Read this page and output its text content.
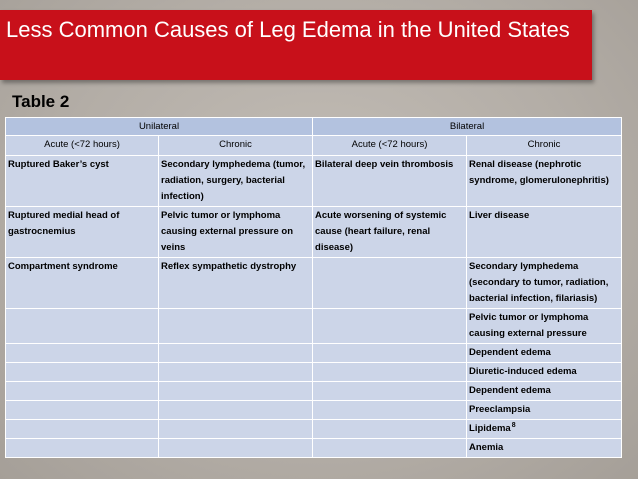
Less Common Causes of Leg Edema in the United States
Table 2
Unilateral		Bilateral	
Acute (<72 hours)	Chronic	Acute (<72 hours)	Chronic
Ruptured Baker’s cyst	Secondary lymphedema (tumor, radiation, surgery, bacterial infection)	Bilateral deep vein thrombosis	Renal disease (nephrotic syndrome, glomerulonephritis)
Ruptured medial head of gastrocnemius	Pelvic tumor or lymphoma causing external pressure on veins	Acute worsening of systemic cause (heart failure, renal disease)	Liver disease
Compartment syndrome	Reflex sympathetic dystrophy		Secondary lymphedema (secondary to tumor, radiation, bacterial infection, filariasis)
			Pelvic tumor or lymphoma causing external pressure
			Dependent edema
			Diuretic-induced edema
			Dependent edema
			Preeclampsia
			Lipidema$^8$
			Anemia
